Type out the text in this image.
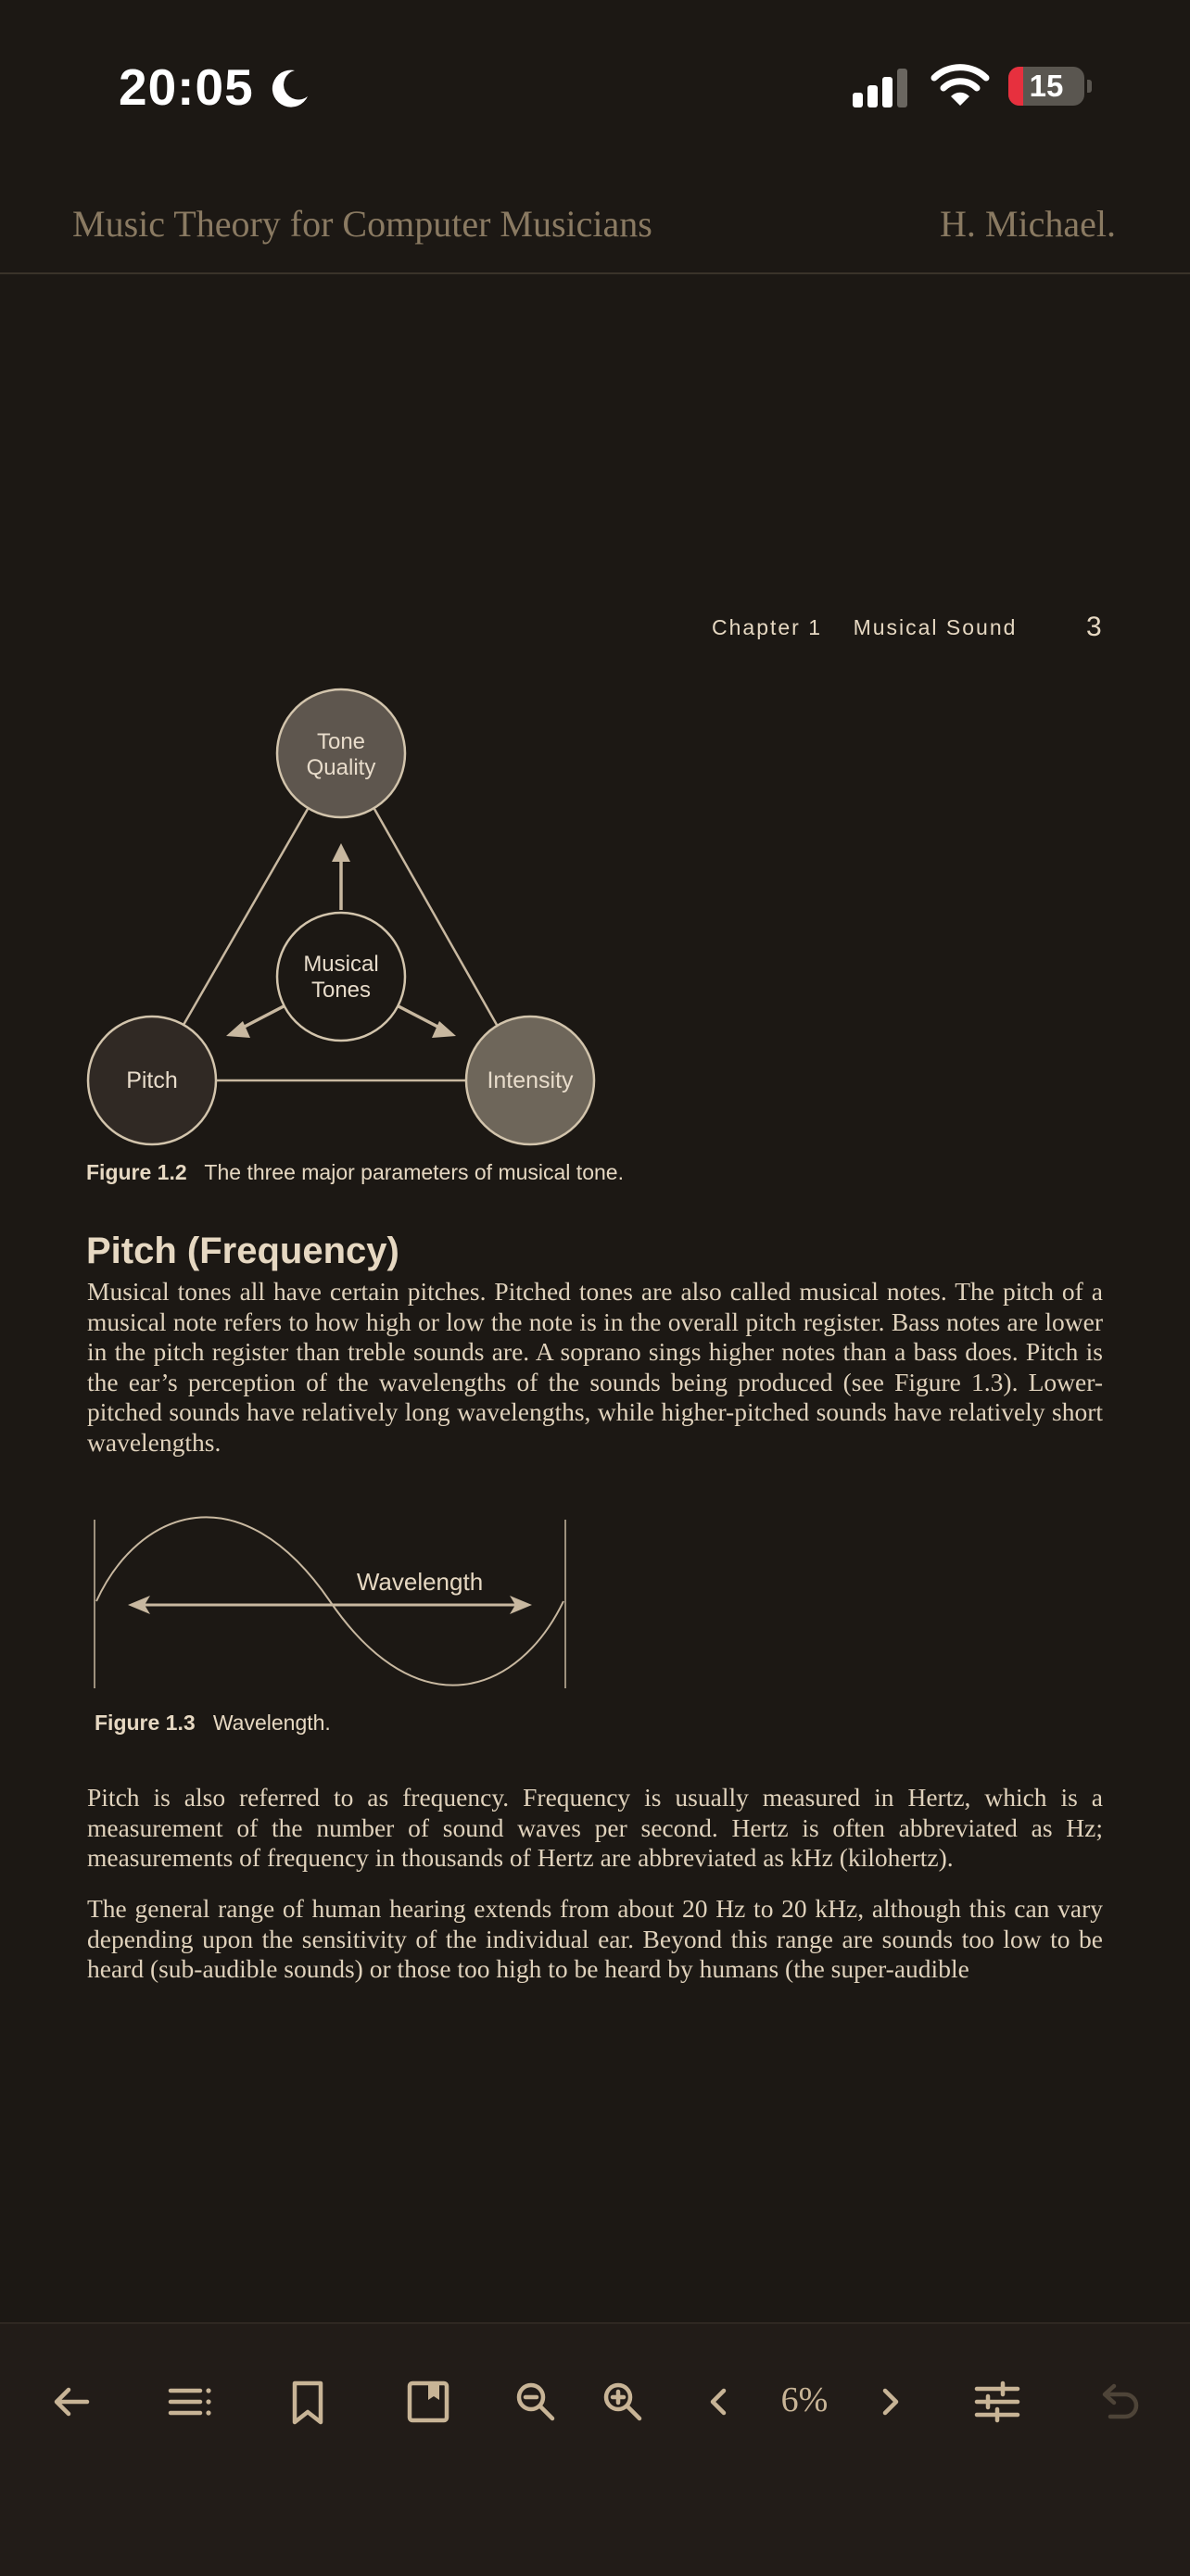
20:05	15
Music Theory for Computer Musicians	H. Michael.
Chapter 1    Musical Sound 3
Tone
Quality
Musical
Tones
Pitch	Intensity
Figure 1.2 The three major parameters of musical tone.
Pitch (Frequency)
Musical tones all have certain pitches. Pitched tones are also called musical notes. The pitch of a musical note refers to how high or low the note is in the overall pitch register. Bass notes are lower in the pitch register than treble sounds are. A soprano sings higher notes than a bass does. Pitch is the ear’s perception of the wavelengths of the sounds being produced (see Figure 1.3). Lower-pitched sounds have relatively long wavelengths, while higher-pitched sounds have relatively short wavelengths.
Wavelength
Figure 1.3 Wavelength.
Pitch is also referred to as frequency. Frequency is usually measured in Hertz, which is a measurement of the number of sound waves per second. Hertz is often abbreviated as Hz; measurements of frequency in thousands of Hertz are abbreviated as kHz (kilohertz).
The general range of human hearing extends from about 20 Hz to 20 kHz, although this can vary depending upon the sensitivity of the individual ear. Beyond this range are sounds too low to be heard (sub-audible sounds) or those too high to be heard by humans (the super-audible
6%
